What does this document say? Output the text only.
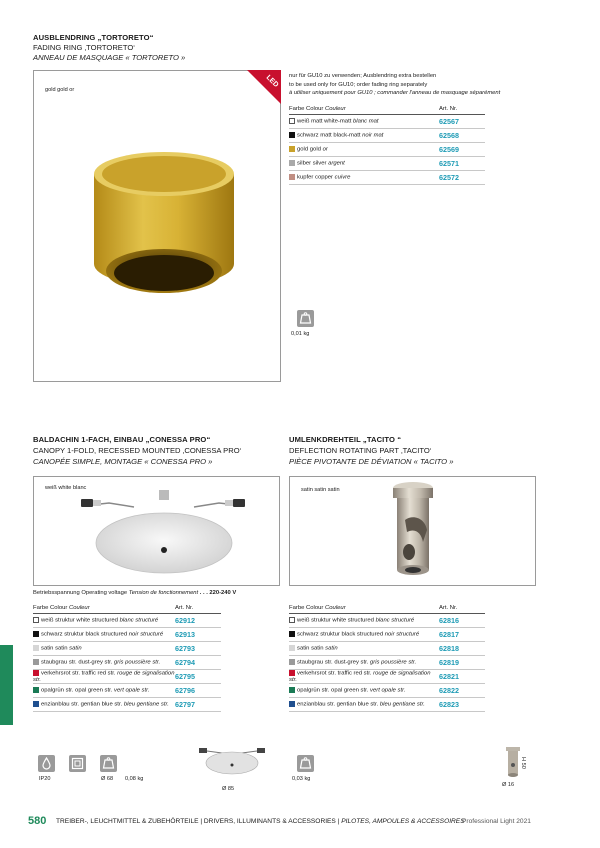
AUSBLENDRING „TORTORETO“
FADING RING ‚TORTORETO‘
ANNEAU DE MASQUAGE « TORTORETO »
gold gold or
LED nur für GU10 zu verwenden; Ausblendring extra bestellen
to be used only for GU10; order fading ring separately
à utiliser uniquement pour GU10 ; commander l'anneau de masquage séparément
Farbe Colour Couleur	Art. Nr.
weiß matt white-matt blanc mat	62567
schwarz matt black-matt noir mat	62568
gold gold or	62569
silber silver argent	62571
kupfer copper cuivre	62572
0,01 kg
BALDACHIN 1-FACH, EINBAU „CONESSA PRO“
CANOPY 1-FOLD, RECESSED MOUNTED ‚CONESSA PRO‘
CANOPÉE SIMPLE, MONTAGE « CONESSA PRO »
weiß white blanc
Betriebsspannung Operating voltage Tension de fonctionnement . . . 220-240 V
Farbe Colour Couleur	Art. Nr.
weiß struktur white structured blanc structuré	62912
schwarz struktur black structured noir structuré	62913
satin satin satin	62793
staubgrau str. dust-grey str. gris poussière str.	62794
verkehrsrot str. traffic red str. rouge de signalisation str.	62795
opalgrün str. opal green str. vert opale str.	62796
enzianblau str. gentian blue str. bleu gentiane str.	62797
IP20	Ø 68 0,08 kg
Ø 85
UMLENKDREHTEIL „TACITO “
DEFLECTION ROTATING PART ‚TACITO‘
PIÈCE PIVOTANTE DE DÉVIATION « TACITO »
satin satin satin
Farbe Colour Couleur	Art. Nr.
weiß struktur white structured blanc structuré	62816
schwarz struktur black structured noir structuré	62817
satin satin satin	62818
staubgrau str. dust-grey str. gris poussière str.	62819
verkehrsrot str. traffic red str. rouge de signalisation str.	62821
opalgrün str. opal green str. vert opale str.	62822
enzianblau str. gentian blue str. bleu gentiane str.	62823
0,03 kg
H 50
Ø 16
580 TREIBER-, LEUCHTMITTEL & ZUBEHÖRTEILE | DRIVERS, ILLUMINANTS & ACCESSORIES | PILOTES, AMPOULES & ACCESSOIRES
Professional Light 2021
